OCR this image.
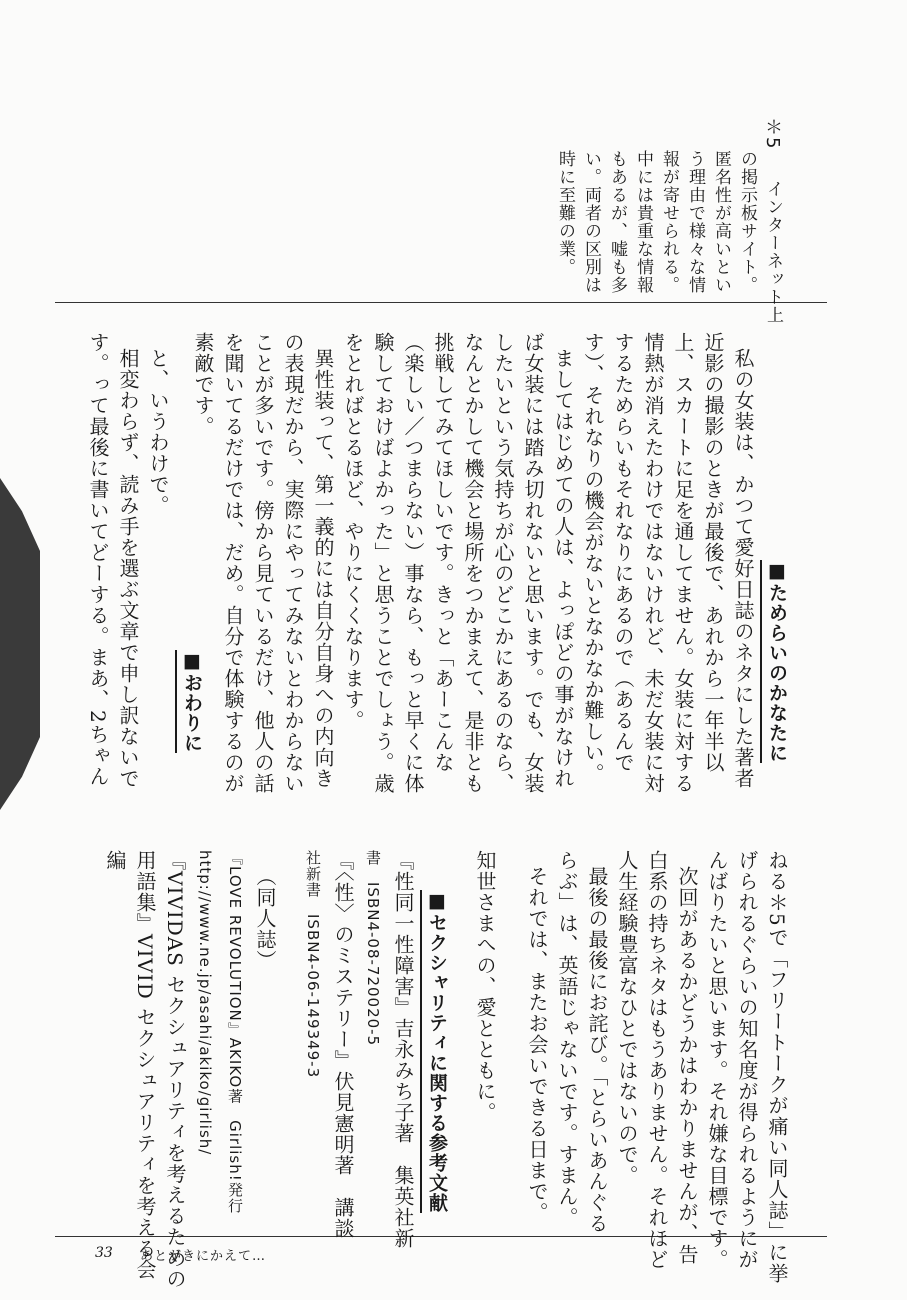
＊5
インターネット上
の掲示板サイト。
匿名性が高いとい
う理由で様々な情
報が寄せられる。
中には貴重な情報
もあるが、嘘も多
い。両者の区別は
時に至難の業。
■ためらいのかなたに
私の女装は、かつて愛好日誌のネタにした著者
近影の撮影のときが最後で、あれから一年半以
上、スカートに足を通してません。女装に対する
情熱が消えたわけではないけれど、未だ女装に対
するためらいもそれなりにあるので（あるんで
す）、それなりの機会がないとなかなか難しい。
ましてはじめての人は、よっぽどの事がなけれ
ば女装には踏み切れないと思います。でも、女装
したいという気持ちが心のどこかにあるのなら、
なんとかして機会と場所をつかまえて、是非とも
挑戦してみてほしいです。きっと「あーこんな
（楽しい／つまらない）事なら、もっと早くに体
験しておけばよかった」と思うことでしょう。歳
をとればとるほど、やりにくくなります。
異性装って、第一義的には自分自身への内向き
の表現だから、実際にやってみないとわからない
ことが多いです。傍から見ているだけ、他人の話
を聞いてるだけでは、だめ。自分で体験するのが
素敵です。
■おわりに
と、いうわけで。
相変わらず、読み手を選ぶ文章で申し訳ないで
す。って最後に書いてどーする。まあ、2ちゃん
ねる＊5で「フリートークが痛い同人誌」に挙
げられるぐらいの知名度が得られるようにが
んばりたいと思います。それ嫌な目標です。
次回があるかどうかはわかりませんが、告
白系の持ちネタはもうありません。それほど
人生経験豊富なひとではないので。
最後の最後にお詫び。「とらいあんぐる
らぶ」は、英語じゃないです。すまん。
それでは、またお会いできる日まで。
知世さまへの、愛とともに。
■セクシャリティに関する参考文献
『性同一性障害』吉永みち子著　集英社新
書　ISBN4-08-720020-5
『〈性〉のミステリー』伏見憲明著　講談
社新書　ISBN4-06-149349-3
（同人誌）
『LOVE REVOLUTION』AKIKO著　Girlish!発行
http://www.ne.jp/asahi/akiko/girlish/
『VIVIDAS セクシュアリティを考えるための
用語集』VIVID セクシュアリティを考える会
編
33 あとがきにかえて…
